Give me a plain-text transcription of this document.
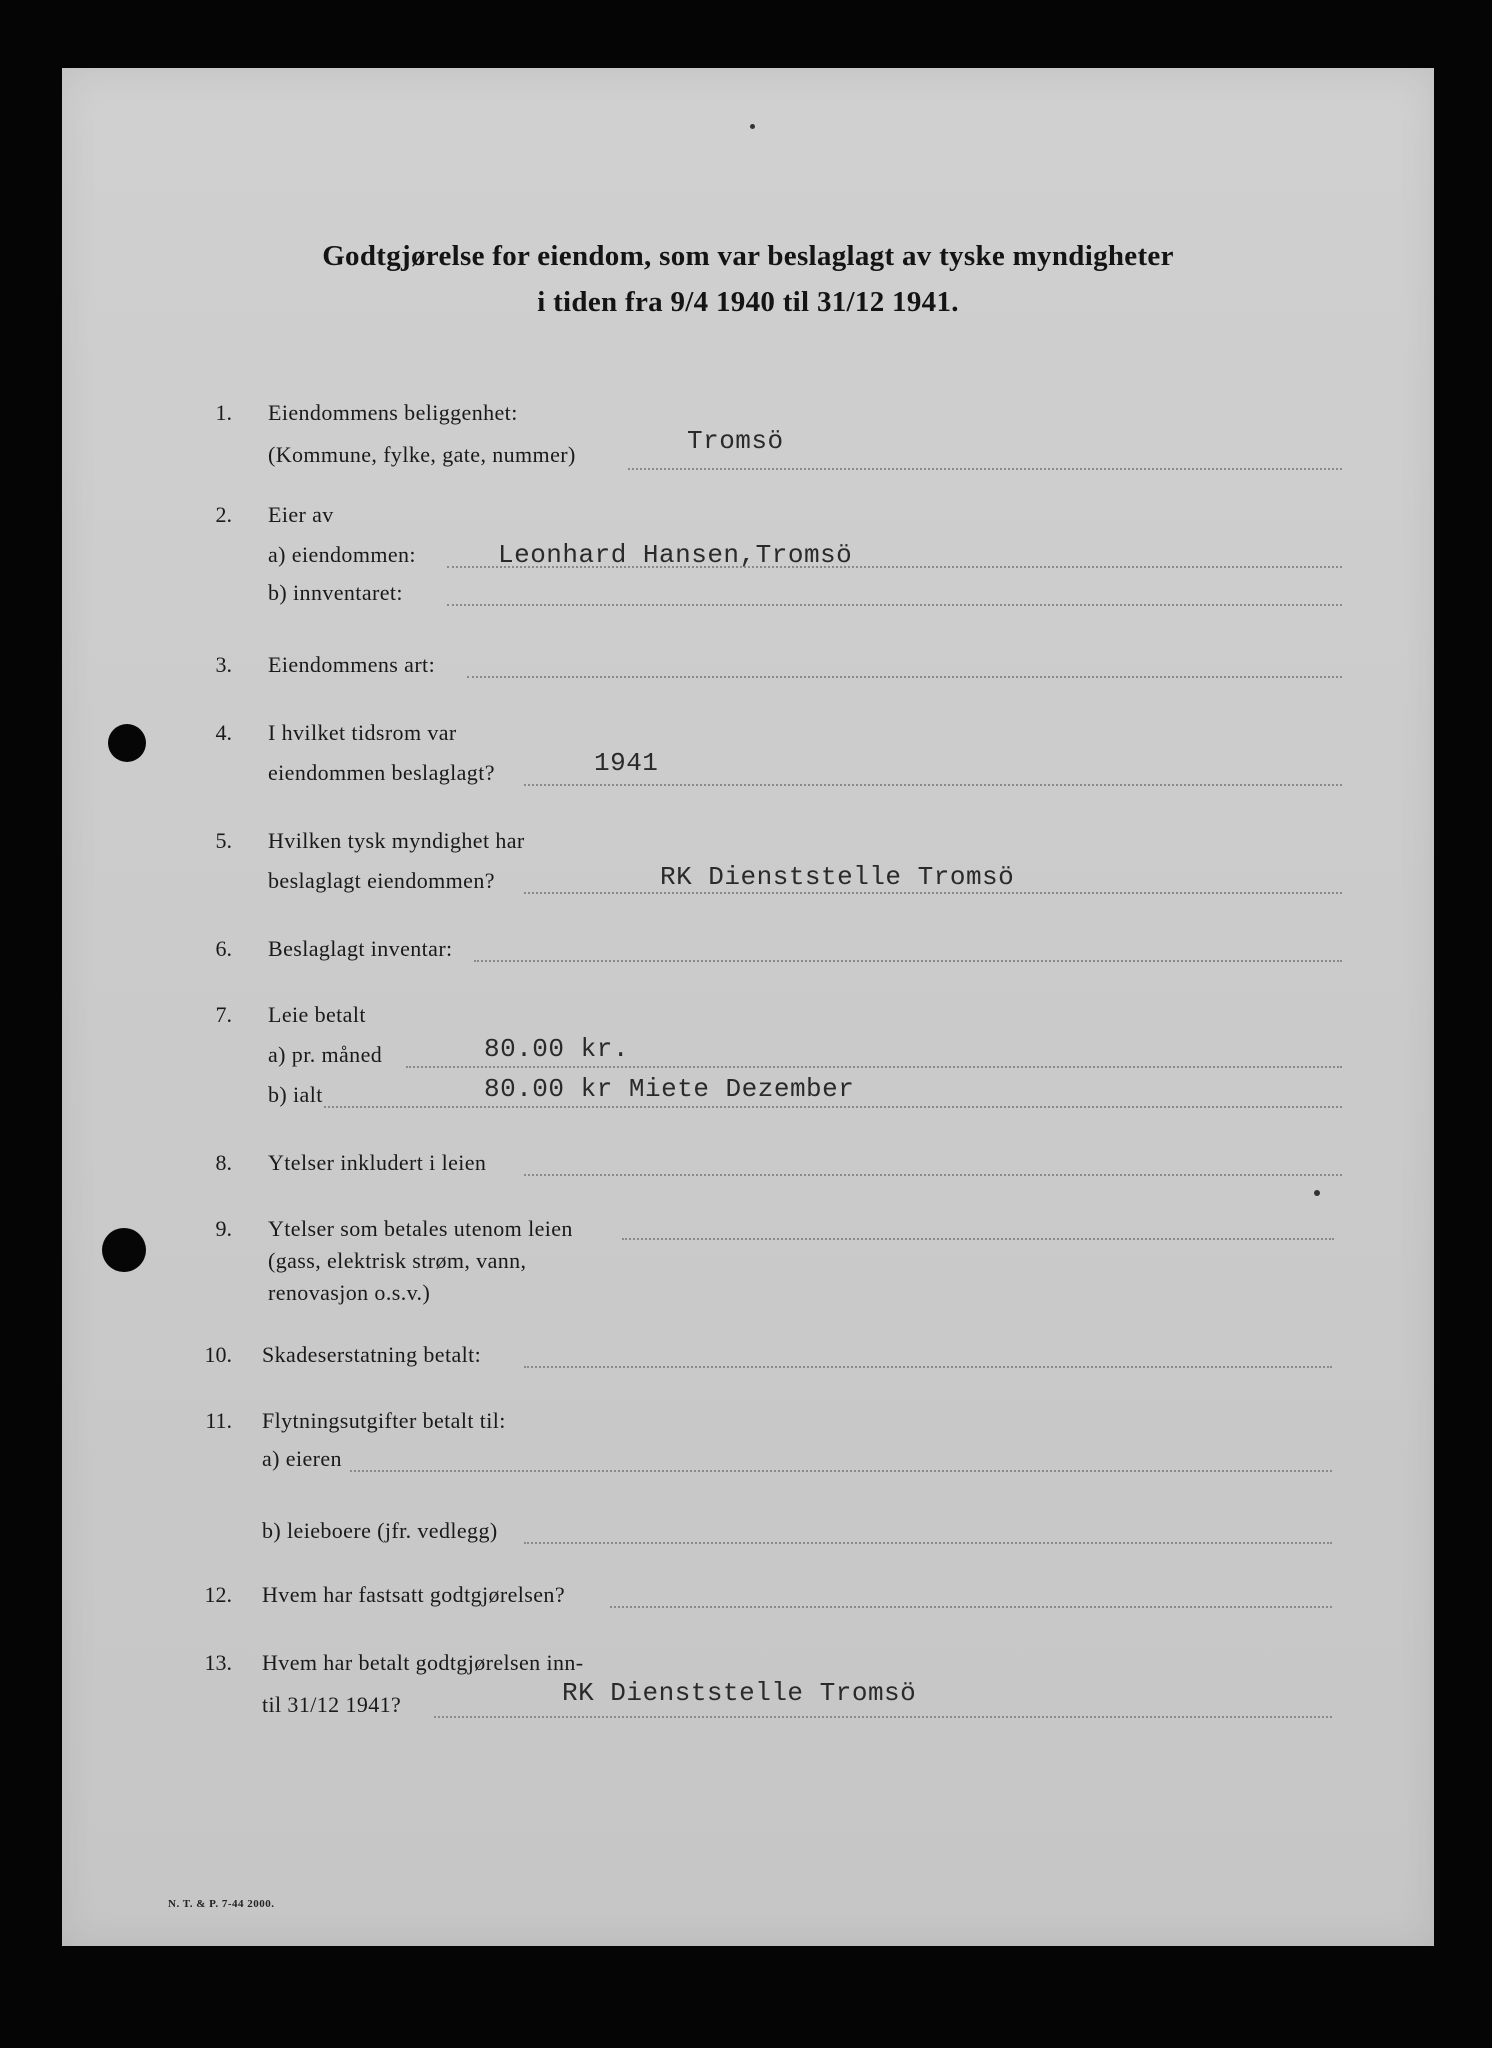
Godtgjørelse for eiendom, som var beslaglagt av tyske myndigheter
i tiden fra 9/4 1940 til 31/12 1941.
1. Eiendommens beliggenhet:
(Kommune, fylke, gate, nummer)	Tromsö
2. Eier av
a) eiendommen:	Leonhard Hansen,Tromsö
b) innventaret:
3. Eiendommens art:
4. I hvilket tidsrom var
eiendommen beslaglagt?	1941
5. Hvilken tysk myndighet har
beslaglagt eiendommen?	RK Dienststelle Tromsö
6. Beslaglagt inventar:
7. Leie betalt
a) pr. måned	80.00 kr.
b) ialt	80.00 kr Miete Dezember
8. Ytelser inkludert i leien
9. Ytelser som betales utenom leien
(gass, elektrisk strøm, vann,
renovasjon o.s.v.)
10. Skadeserstatning betalt:
11. Flytningsutgifter betalt til:
a) eieren
b) leieboere (jfr. vedlegg)
12. Hvem har fastsatt godtgjørelsen?
13. Hvem har betalt godtgjørelsen inn-
til 31/12 1941?	RK Dienststelle Tromsö
N. T. & P. 7-44 2000.
